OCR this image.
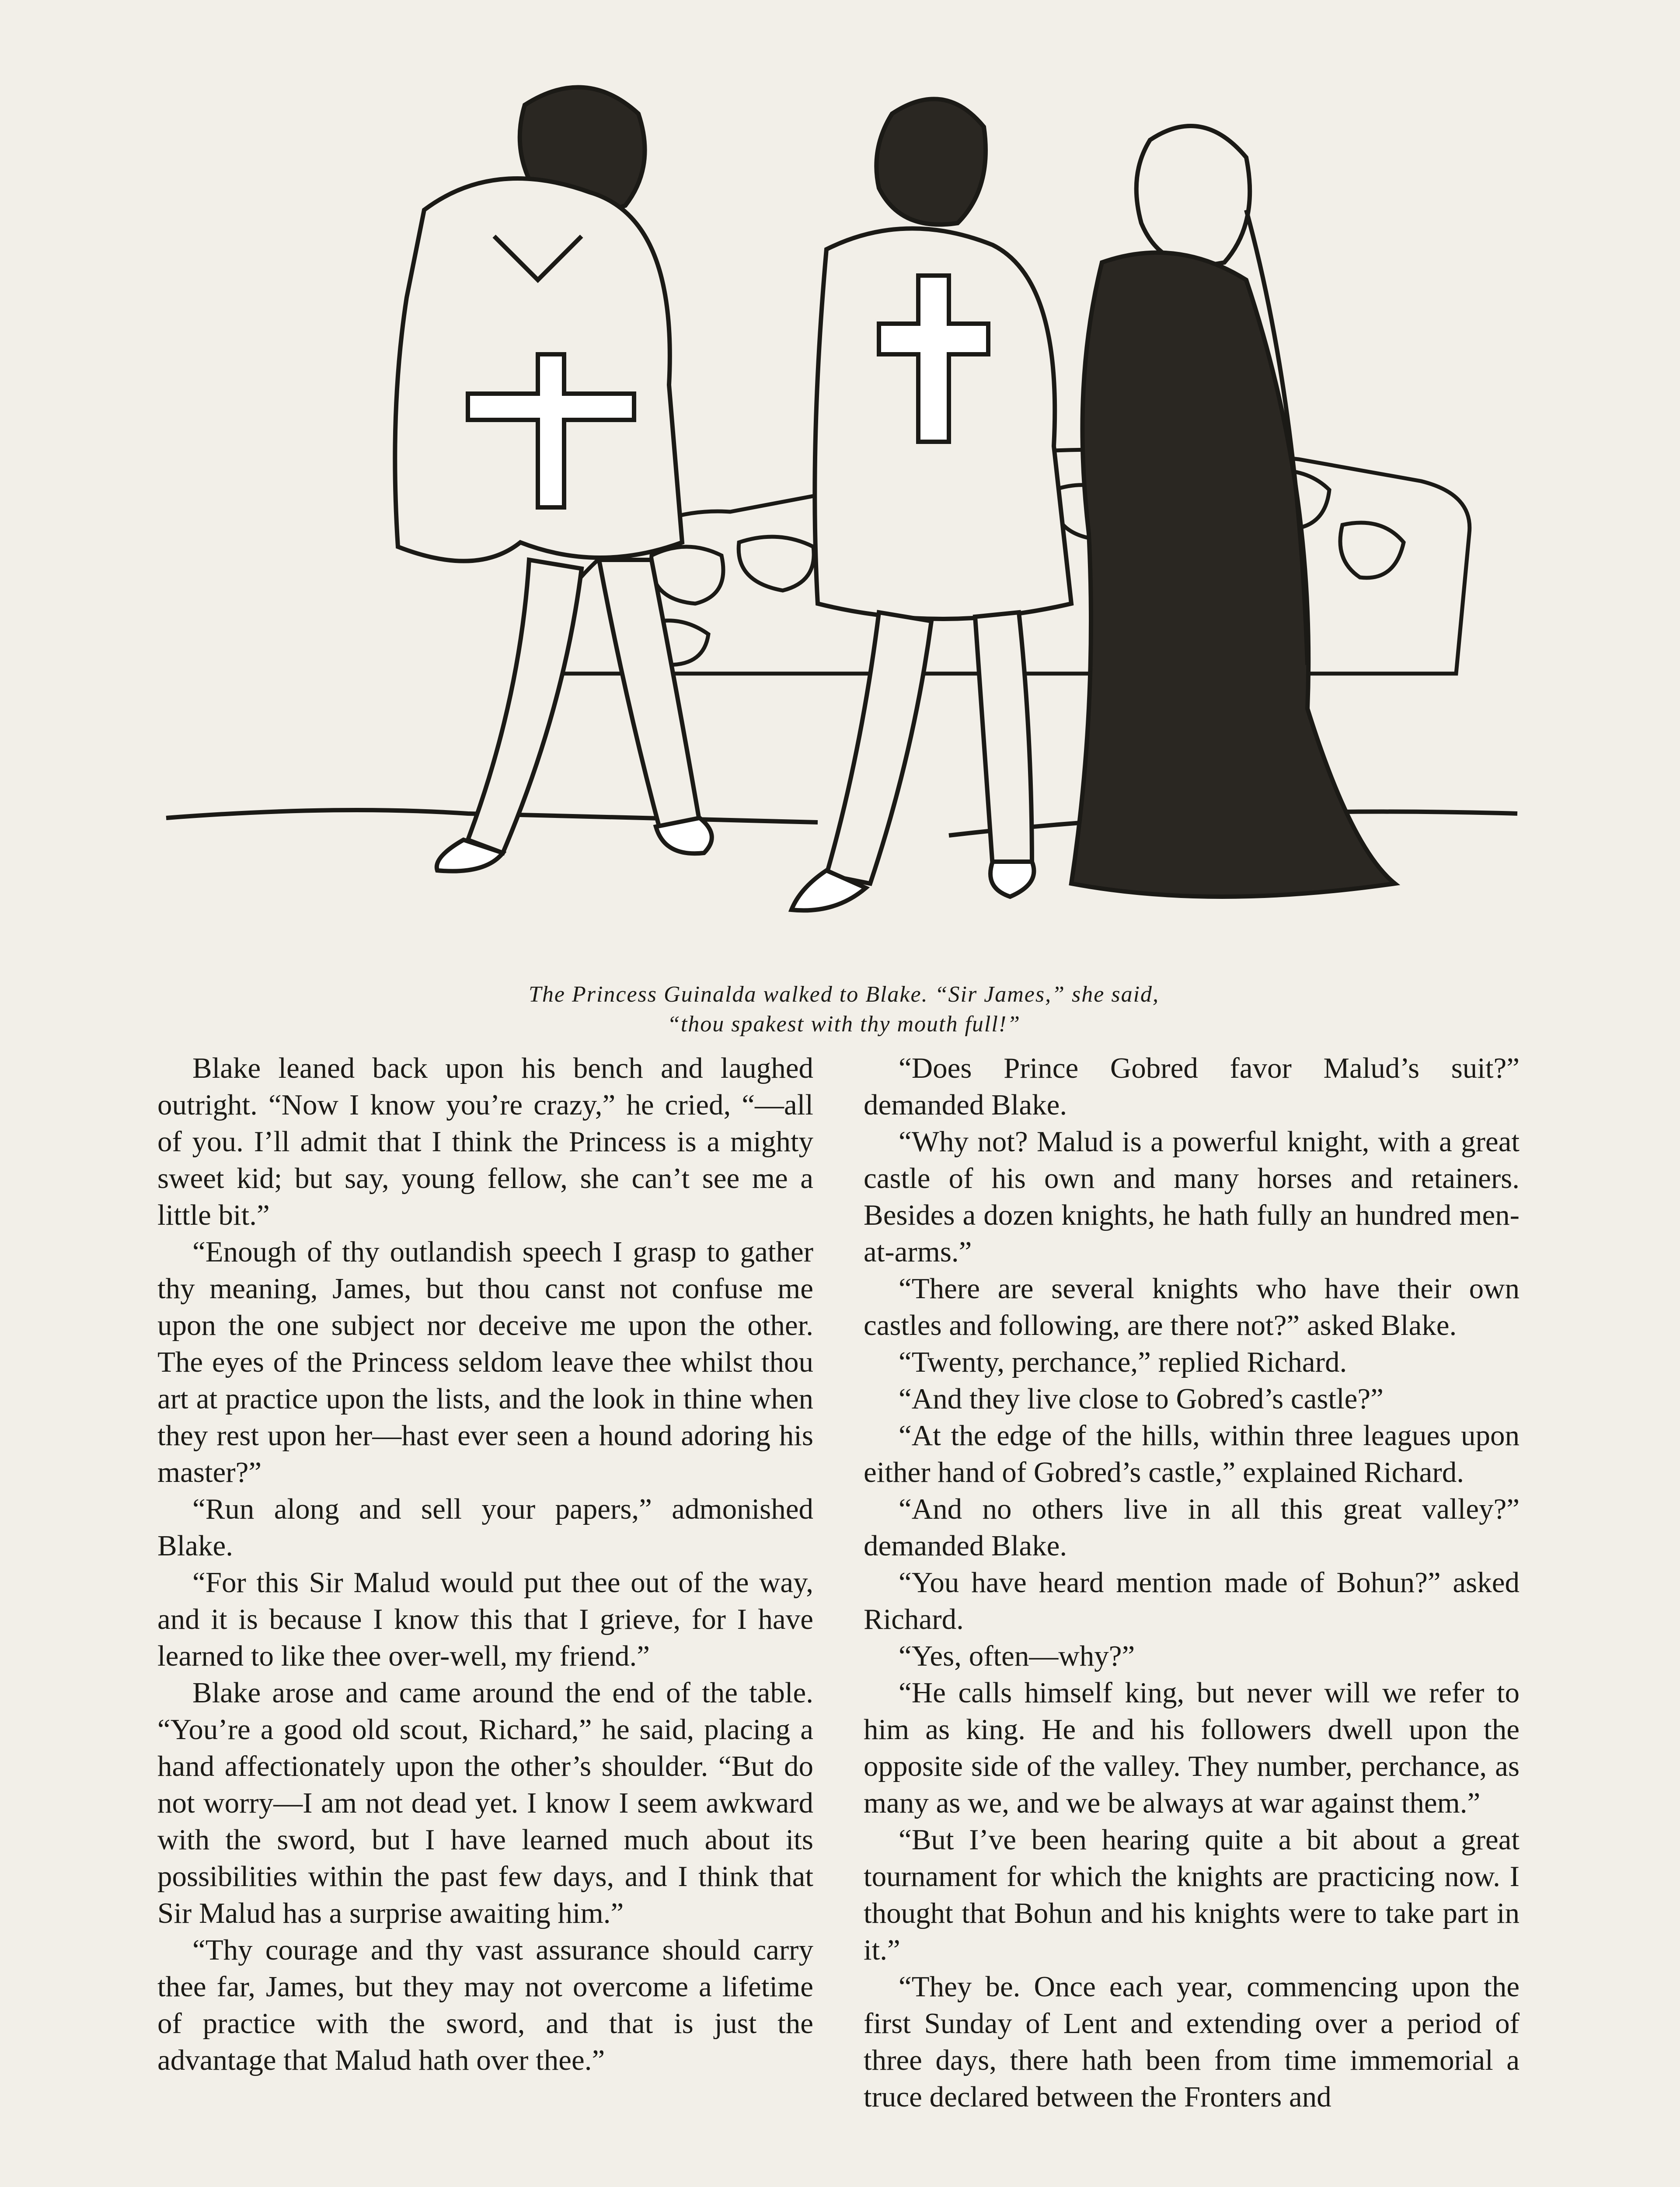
The Princess Guinalda walked to Blake. “Sir James,” she said,
“thou spakest with thy mouth full!”

Blake leaned back upon his bench and laughed outright. “Now I know you’re crazy,” he cried, “—all of you. I’ll admit that I think the Princess is a mighty sweet kid; but say, young fellow, she can’t see me a little bit.”

“Enough of thy outlandish speech I grasp to gather thy meaning, James, but thou canst not confuse me upon the one subject nor deceive me upon the other. The eyes of the Princess seldom leave thee whilst thou art at practice upon the lists, and the look in thine when they rest upon her—hast ever seen a hound adoring his master?”

“Run along and sell your papers,” admonished Blake.

“For this Sir Malud would put thee out of the way, and it is because I know this that I grieve, for I have learned to like thee over-well, my friend.”

Blake arose and came around the end of the table. “You’re a good old scout, Richard,” he said, placing a hand affectionately upon the other’s shoulder. “But do not worry—I am not dead yet. I know I seem awkward with the sword, but I have learned much about its possibilities within the past few days, and I think that Sir Malud has a surprise awaiting him.”

“Thy courage and thy vast assurance should carry thee far, James, but they may not overcome a lifetime of practice with the sword, and that is just the advantage that Malud hath over thee.”

“Does Prince Gobred favor Malud’s suit?” demanded Blake.

“Why not? Malud is a powerful knight, with a great castle of his own and many horses and retainers. Besides a dozen knights, he hath fully an hundred men-at-arms.”

“There are several knights who have their own castles and following, are there not?” asked Blake.

“Twenty, perchance,” replied Richard.

“And they live close to Gobred’s castle?”

“At the edge of the hills, within three leagues upon either hand of Gobred’s castle,” explained Richard.

“And no others live in all this great valley?” demanded Blake.

“You have heard mention made of Bohun?” asked Richard.

“Yes, often—why?”

“He calls himself king, but never will we refer to him as king. He and his followers dwell upon the opposite side of the valley. They number, perchance, as many as we, and we be always at war against them.”

“But I’ve been hearing quite a bit about a great tournament for which the knights are practicing now. I thought that Bohun and his knights were to take part in it.”

“They be. Once each year, commencing upon the first Sunday of Lent and extending over a period of three days, there hath been from time immemorial a truce declared between the Fronters and
